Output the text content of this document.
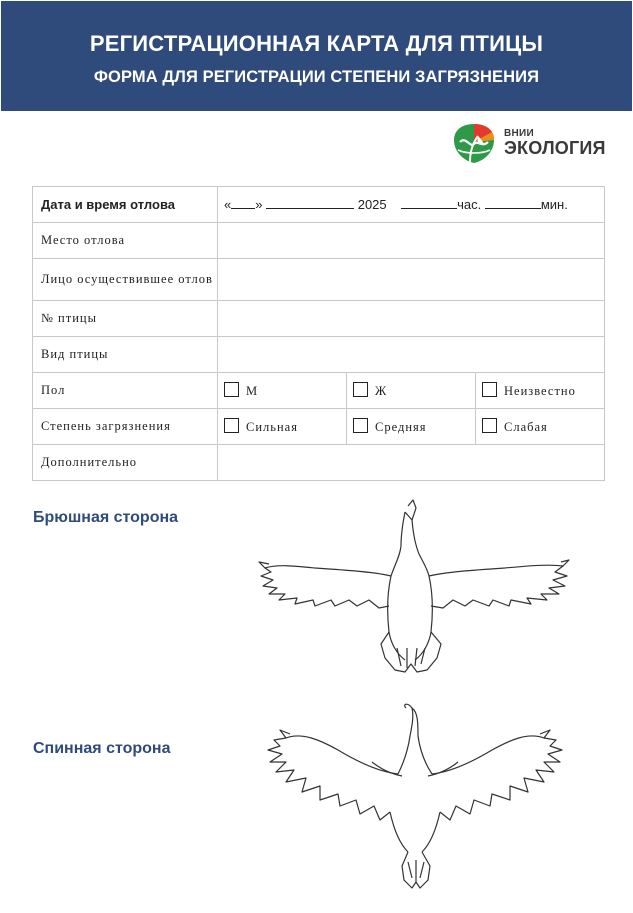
РЕГИСТРАЦИОННАЯ КАРТА ДЛЯ ПТИЦЫ
ФОРМА ДЛЯ РЕГИСТРАЦИИ СТЕПЕНИ ЗАГРЯЗНЕНИЯ
ВНИИ
ЭКОЛОГИЯ
Дата и время отлова	« » 2025 час. мин.		
Место отлова			
Лицо осуществившее отлов			
№ птицы			
Вид птицы			
Пол	М	Ж	Неизвестно
Степень загрязнения	Сильная	Средняя	Слабая
Дополнительно			
Брюшная сторона
Спинная сторона
